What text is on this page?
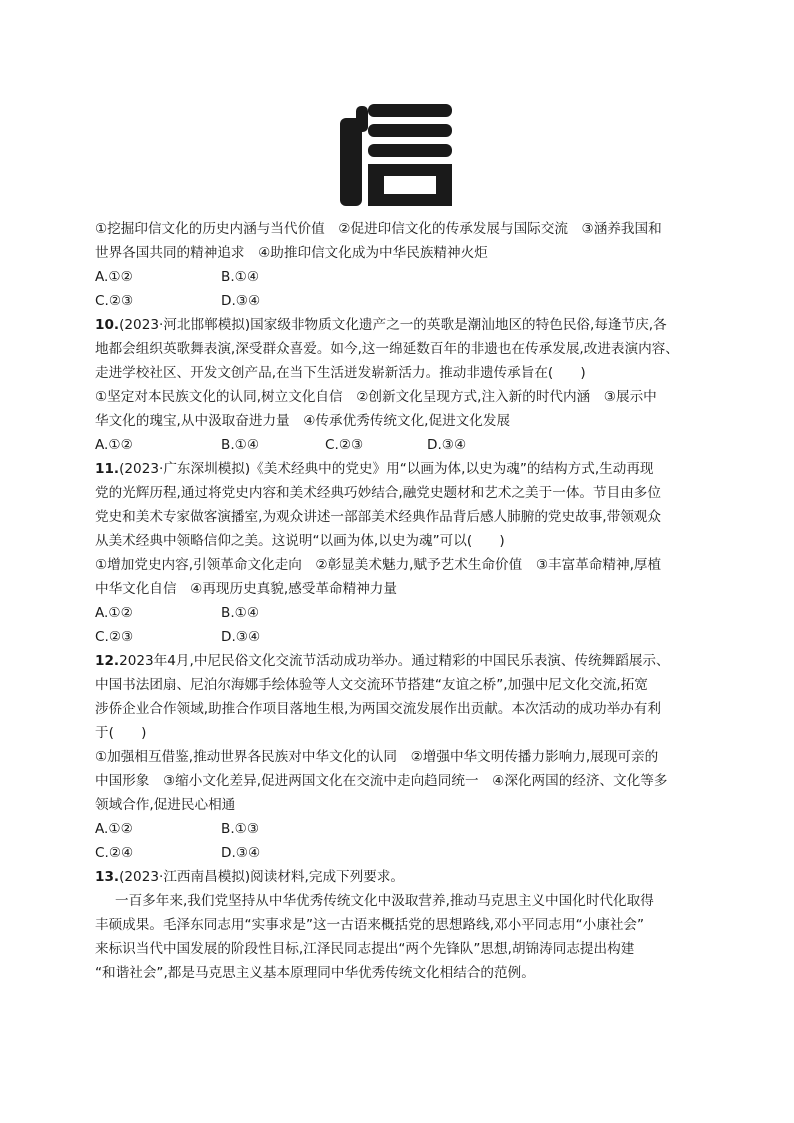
①挖掘印信文化的历史内涵与当代价值　②促进印信文化的传承发展与国际交流　③涵养我国和
世界各国共同的精神追求　④助推印信文化成为中华民族精神火炬
A.①②	B.①④
C.②③	D.③④
10.(2023·河北邯郸模拟)国家级非物质文化遗产之一的英歌是潮汕地区的特色民俗,每逢节庆,各
地都会组织英歌舞表演,深受群众喜爱。如今,这一绵延数百年的非遗也在传承发展,改进表演内容、
走进学校社区、开发文创产品,在当下生活迸发崭新活力。推动非遗传承旨在(　　)
①坚定对本民族文化的认同,树立文化自信　②创新文化呈现方式,注入新的时代内涵　③展示中
华文化的瑰宝,从中汲取奋进力量　④传承优秀传统文化,促进文化发展
A.①②	B.①④	C.②③	D.③④
11.(2023·广东深圳模拟)《美术经典中的党史》用“以画为体,以史为魂”的结构方式,生动再现
党的光辉历程,通过将党史内容和美术经典巧妙结合,融党史题材和艺术之美于一体。节目由多位
党史和美术专家做客演播室,为观众讲述一部部美术经典作品背后感人肺腑的党史故事,带领观众
从美术经典中领略信仰之美。这说明“以画为体,以史为魂”可以(　　)
①增加党史内容,引领革命文化走向　②彰显美术魅力,赋予艺术生命价值　③丰富革命精神,厚植
中华文化自信　④再现历史真貌,感受革命精神力量
A.①②	B.①④
C.②③	D.③④
12.2023年4月,中尼民俗文化交流节活动成功举办。通过精彩的中国民乐表演、传统舞蹈展示、
中国书法团扇、尼泊尔海娜手绘体验等人文交流环节搭建“友谊之桥”,加强中尼文化交流,拓宽
涉侨企业合作领域,助推合作项目落地生根,为两国交流发展作出贡献。本次活动的成功举办有利
于(　　)
①加强相互借鉴,推动世界各民族对中华文化的认同　②增强中华文明传播力影响力,展现可亲的
中国形象　③缩小文化差异,促进两国文化在交流中走向趋同统一　④深化两国的经济、文化等多
领域合作,促进民心相通
A.①②	B.①③
C.②④	D.③④
13.(2023·江西南昌模拟)阅读材料,完成下列要求。
一百多年来,我们党坚持从中华优秀传统文化中汲取营养,推动马克思主义中国化时代化取得
丰硕成果。毛泽东同志用“实事求是”这一古语来概括党的思想路线,邓小平同志用“小康社会”
来标识当代中国发展的阶段性目标,江泽民同志提出“两个先锋队”思想,胡锦涛同志提出构建
“和谐社会”,都是马克思主义基本原理同中华优秀传统文化相结合的范例。
